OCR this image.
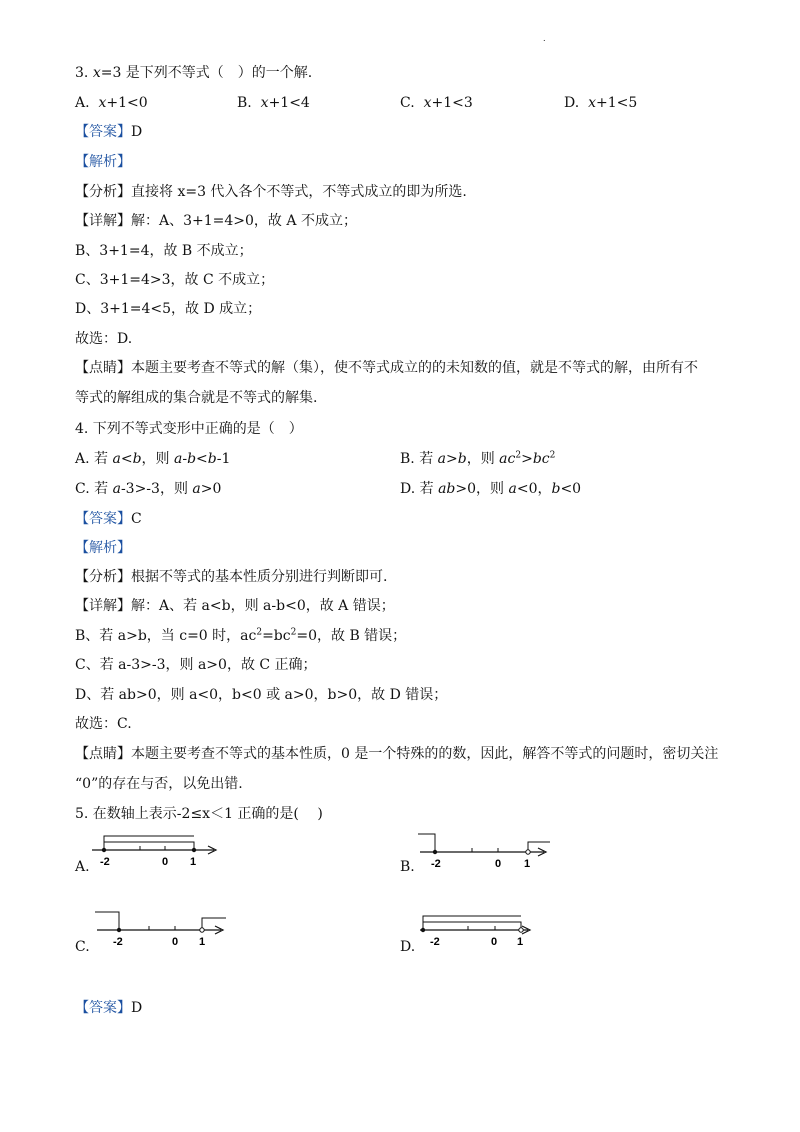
.
3. x=3 是下列不等式（　）的一个解.
A. x+1<0	B. x+1<4	C. x+1<3	D. x+1<5
【答案】D
【解析】
【分析】直接将 x=3 代入各个不等式，不等式成立的即为所选.
【详解】解：A、3+1=4>0，故 A 不成立；
B、3+1=4，故 B 不成立；
C、3+1=4>3，故 C 不成立；
D、3+1=4<5，故 D 成立；
故选：D.
【点睛】本题主要考查不等式的解（集），使不等式成立的的未知数的值，就是不等式的解，由所有不
等式的解组成的集合就是不等式的解集.
4. 下列不等式变形中正确的是（　）
A. 若 a<b，则 a-b<b-1	B. 若 a>b，则 $ac^2>bc^2$
C. 若 a-3>-3，则 a>0	D. 若 ab>0，则 a<0，b<0
【答案】C
【解析】
【分析】根据不等式的基本性质分别进行判断即可.
【详解】解：A、若 a<b，则 a-b<0，故 A 错误；
B、若 a>b，当 c=0 时，$ac^2=bc^2=0$，故 B 错误；
C、若 a-3>-3，则 a>0，故 C 正确；
D、若 ab>0，则 a<0，b<0 或 a>0，b>0，故 D 错误；
故选：C.
【点睛】本题主要考查不等式的基本性质，0 是一个特殊的的数，因此，解答不等式的问题时，密切关注
“0”的存在与否，以免出错.
5. 在数轴上表示-2≤x＜1 正确的是(　 )
A. -2	0 1	B. -2	0 1
C. -2	0 1	D. -2	0 1
【答案】D
